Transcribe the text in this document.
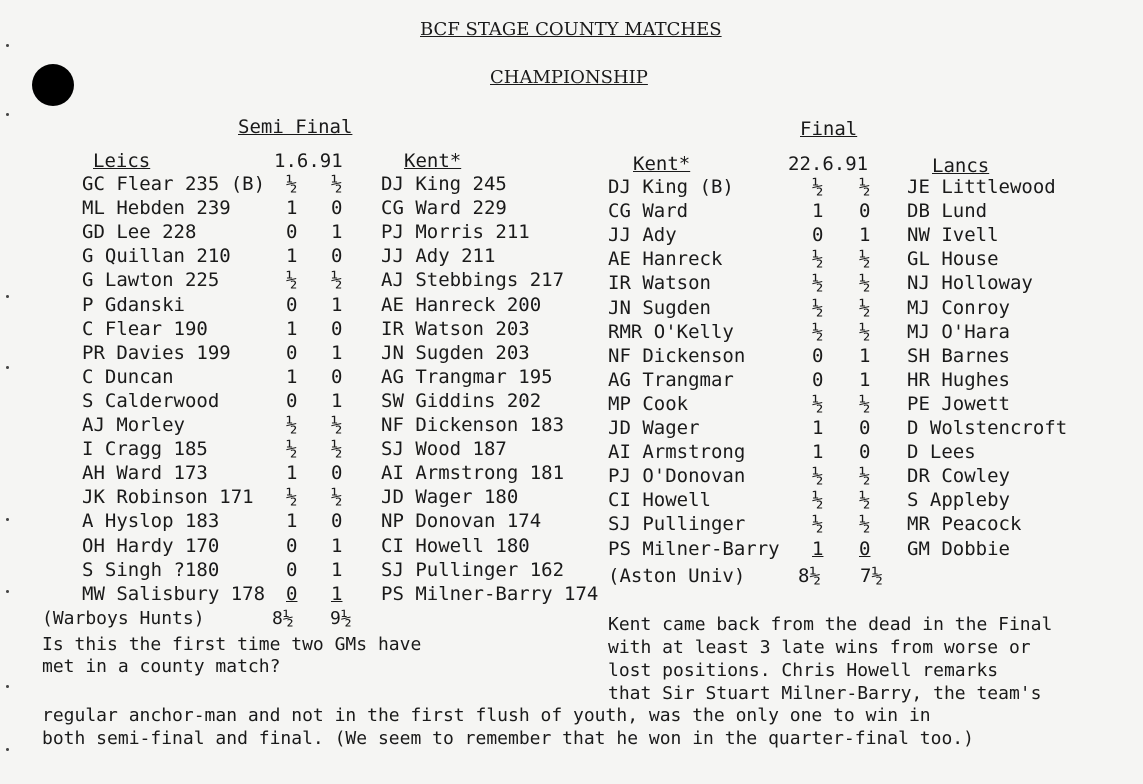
BCF STAGE COUNTY MATCHES
CHAMPIONSHIP
Semi Final
Leics	1.6.91	Kent*
Final
Kent*	22.6.91	Lancs
GC Flear 235 (B) ½ ½ DJ King 245
ML Hebden 239	1 0 CG Ward 229
GD Lee 228	0 1 PJ Morris 211
G Quillan 210	1 0 JJ Ady 211
G Lawton 225	½ ½ AJ Stebbings 217
P Gdanski	0 1 AE Hanreck 200
C Flear 190	1 0 IR Watson 203
PR Davies 199	0 1 JN Sugden 203
C Duncan	1 0 AG Trangmar 195
S Calderwood	0 1 SW Giddins 202
AJ Morley	½ ½ NF Dickenson 183
I Cragg 185	½ ½ SJ Wood 187
AH Ward 173	1 0 AI Armstrong 181
JK Robinson 171 ½ ½ JD Wager 180
A Hyslop 183	1 0 NP Donovan 174
OH Hardy 170	0 1 CI Howell 180
S Singh ?180	0 1 SJ Pullinger 162
MW Salisbury 178 0 1 PS Milner-Barry 174
DJ King (B)	½ ½ JE Littlewood
CG Ward	1 0 DB Lund
JJ Ady	0 1 NW Ivell
AE Hanreck	½ ½ GL House
IR Watson	½ ½ NJ Holloway
JN Sugden	½ ½ MJ Conroy
RMR O'Kelly	½ ½ MJ O'Hara
NF Dickenson	0 1 SH Barnes
AG Trangmar	0 1 HR Hughes
MP Cook	½ ½ PE Jowett
JD Wager	1 0 D Wolstencroft
AI Armstrong	1 0 D Lees
PJ O'Donovan	½ ½ DR Cowley
CI Howell	½ ½ S Appleby
SJ Pullinger	½ ½ MR Peacock
PS Milner-Barry 1 0 GM Dobbie
(Warboys Hunts)	8½ 9½
(Aston Univ)	8½ 7½
Is this the first time two GMs have
met in a county match?
Kent came back from the dead in the Final
with at least 3 late wins from worse or
lost positions. Chris Howell remarks
that Sir Stuart Milner-Barry, the team's
regular anchor-man and not in the first flush of youth, was the only one to win in
both semi-final and final. (We seem to remember that he won in the quarter-final too.)
